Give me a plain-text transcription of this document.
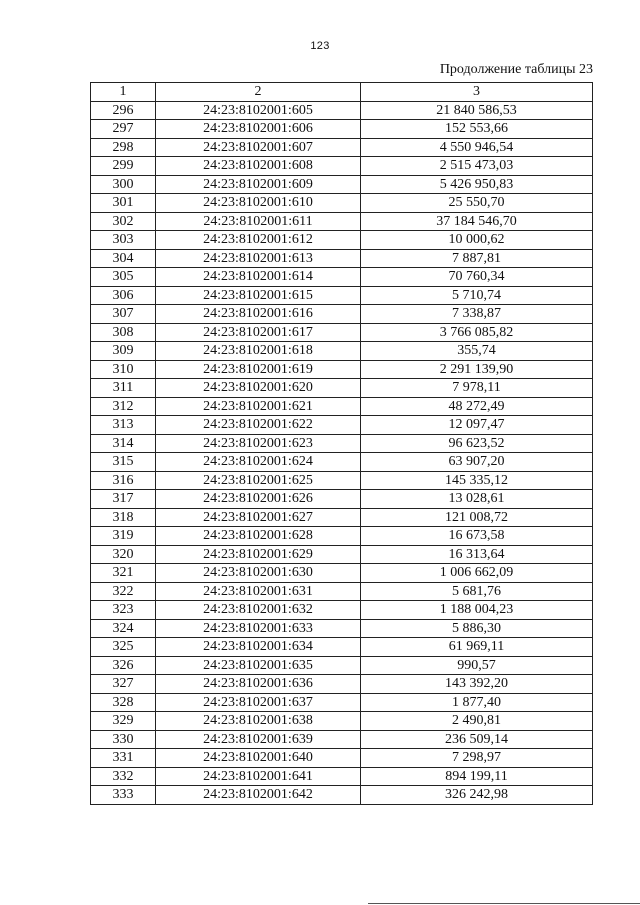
123
Продолжение таблицы 23
1	2	3
296	24:23:8102001:605	21 840 586,53
297	24:23:8102001:606	152 553,66
298	24:23:8102001:607	4 550 946,54
299	24:23:8102001:608	2 515 473,03
300	24:23:8102001:609	5 426 950,83
301	24:23:8102001:610	25 550,70
302	24:23:8102001:611	37 184 546,70
303	24:23:8102001:612	10 000,62
304	24:23:8102001:613	7 887,81
305	24:23:8102001:614	70 760,34
306	24:23:8102001:615	5 710,74
307	24:23:8102001:616	7 338,87
308	24:23:8102001:617	3 766 085,82
309	24:23:8102001:618	355,74
310	24:23:8102001:619	2 291 139,90
311	24:23:8102001:620	7 978,11
312	24:23:8102001:621	48 272,49
313	24:23:8102001:622	12 097,47
314	24:23:8102001:623	96 623,52
315	24:23:8102001:624	63 907,20
316	24:23:8102001:625	145 335,12
317	24:23:8102001:626	13 028,61
318	24:23:8102001:627	121 008,72
319	24:23:8102001:628	16 673,58
320	24:23:8102001:629	16 313,64
321	24:23:8102001:630	1 006 662,09
322	24:23:8102001:631	5 681,76
323	24:23:8102001:632	1 188 004,23
324	24:23:8102001:633	5 886,30
325	24:23:8102001:634	61 969,11
326	24:23:8102001:635	990,57
327	24:23:8102001:636	143 392,20
328	24:23:8102001:637	1 877,40
329	24:23:8102001:638	2 490,81
330	24:23:8102001:639	236 509,14
331	24:23:8102001:640	7 298,97
332	24:23:8102001:641	894 199,11
333	24:23:8102001:642	326 242,98
